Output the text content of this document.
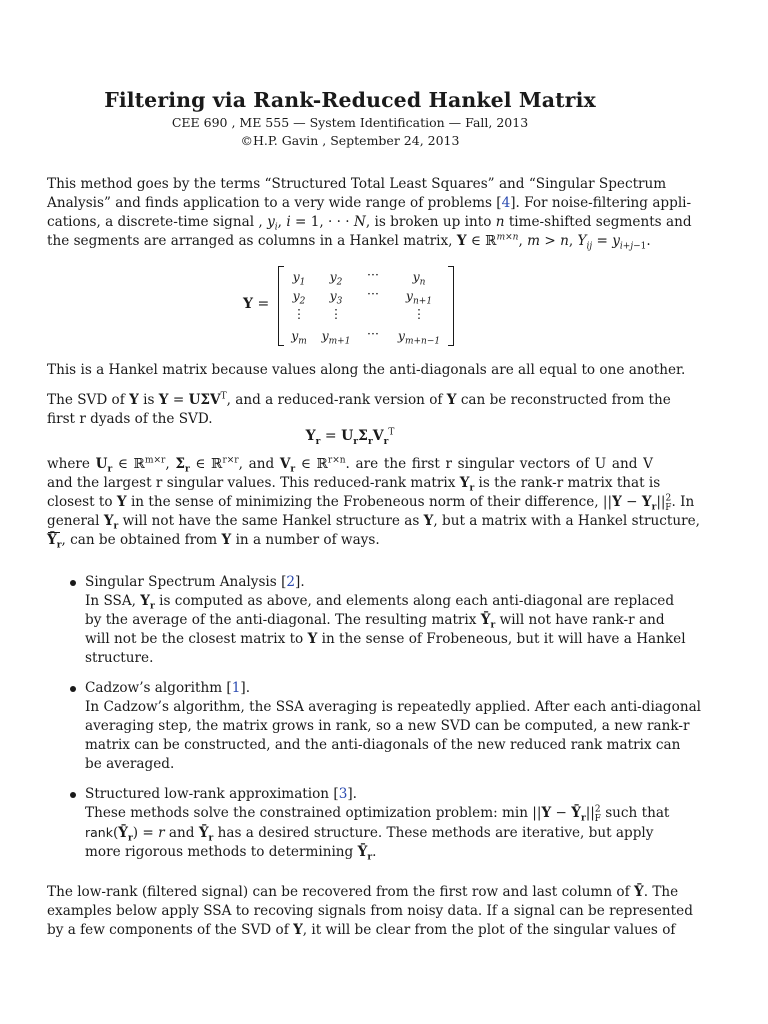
Filtering via Rank-Reduced Hankel Matrix
CEE 690 , ME 555 — System Identification — Fall, 2013
©H.P. Gavin , September 24, 2013
This method goes by the terms “Structured Total Least Squares” and “Singular Spectrum
Analysis” and finds application to a very wide range of problems [4]. For noise-filtering appli-
cations, a discrete-time signal , $y_i$, i = 1, · · · N, is broken up into n time-shifted segments and
the segments are arranged as columns in a Hankel matrix, Y ∈ ℝ$^{m\times n}$, m > n, $Y_{ij} = y_{i+j-1}$.
Y =
$y_1$ $y_2$
···	$y_n$
$y_2$ $y_3$
··· $y_{n+1}$
⋮ ⋮	⋮
$y_m$ $y_{m+1}$
··· $y_{m+n-1}$
This is a Hankel matrix because values along the anti-diagonals are all equal to one another.
The SVD of Y is $Y = U\Sigma V^T$, and a reduced-rank version of Y can be reconstructed from the
first r dyads of the SVD.
$Y_r = U_r\Sigma_rV_r^T$
where $U_r$ ∈ ℝ$^{m\times r}$, $\Sigma_r$ ∈ ℝ$^{r\times r}$, and $V_r$ ∈ ℝ$^{r\times n}$. are the first r singular vectors of U and V
and the largest r singular values. This reduced-rank matrix $Y_r$ is the rank-r matrix that is
closest to Y in the sense of minimizing the Frobeneous norm of their difference, $||Y - Y_r||^2_F$. In
general $Y_r$ will not have the same Hankel structure as Y, but a matrix with a Hankel structure,
$Ȳ_r$, can be obtained from Y in a number of ways.
Singular Spectrum Analysis [2].
In SSA, $Y_r$ is computed as above, and elements along each anti-diagonal are replaced
by the average of the anti-diagonal. The resulting matrix $Ȳ_r$ will not have rank-r and
will not be the closest matrix to Y in the sense of Frobeneous, but it will have a Hankel
structure.
Cadzow’s algorithm [1].
In Cadzow’s algorithm, the SSA averaging is repeatedly applied. After each anti-diagonal
averaging step, the matrix grows in rank, so a new SVD can be computed, a new rank-r
matrix can be constructed, and the anti-diagonals of the new reduced rank matrix can
be averaged.
Structured low-rank approximation [3].
These methods solve the constrained optimization problem: $\min ||Y - Ȳ_r||^2_F$ such that
$rank(Ȳ_r) = r$ and $Ȳ_r$ has a desired structure. These methods are iterative, but apply
more rigorous methods to determining $Ȳ_r$.
The low-rank (filtered signal) can be recovered from the first row and last column of Ȳ. The
examples below apply SSA to recoving signals from noisy data. If a signal can be represented
by a few components of the SVD of Y, it will be clear from the plot of the singular values of
